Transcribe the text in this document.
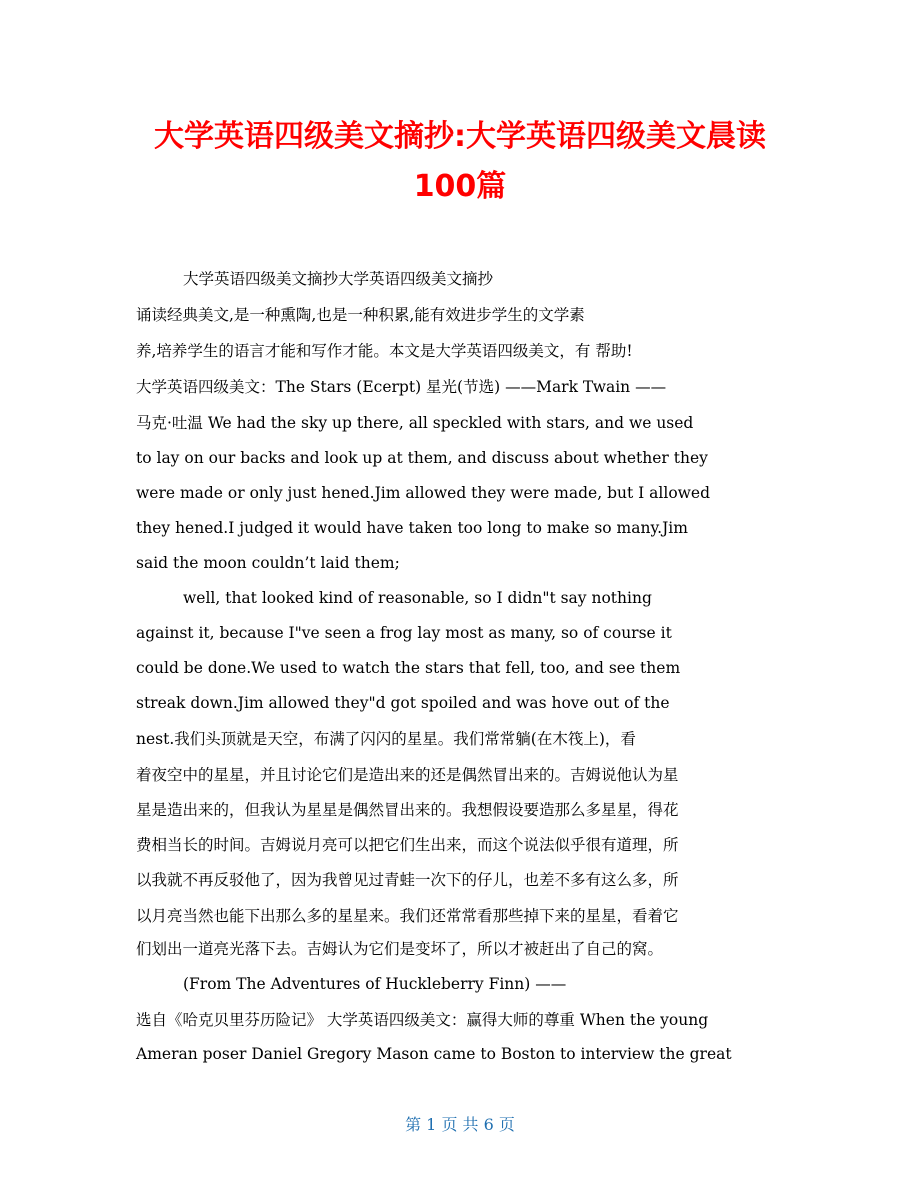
大学英语四级美文摘抄:大学英语四级美文晨读
100篇

大学英语四级美文摘抄大学英语四级美文摘抄

诵读经典美文,是一种熏陶,也是一种积累,能有效进步学生的文学素

养,培养学生的语言才能和写作才能。本文是大学英语四级美文，有 帮助!

大学英语四级美文：The Stars (Ecerpt) 星光(节选) ——Mark Twain ——

马克·吐温 We had the sky up there, all speckled with stars, and we used

to lay on our backs and look up at them, and discuss about whether they

were made or only just hened.Jim allowed they were made, but I allowed

they hened.I judged it would have taken too long to make so many.Jim

said the moon couldn’t laid them;

well, that looked kind of reasonable, so I didn"t say nothing

against it, because I"ve seen a frog lay most as many, so of course it

could be done.We used to watch the stars that fell, too, and see them

streak down.Jim allowed they"d got spoiled and was hove out of the

nest.我们头顶就是天空，布满了闪闪的星星。我们常常躺(在木筏上)，看

着夜空中的星星，并且讨论它们是造出来的还是偶然冒出来的。吉姆说他认为星

星是造出来的，但我认为星星是偶然冒出来的。我想假设要造那么多星星，得花

费相当长的时间。吉姆说月亮可以把它们生出来，而这个说法似乎很有道理，所

以我就不再反驳他了，因为我曾见过青蛙一次下的仔儿，也差不多有这么多，所

以月亮当然也能下出那么多的星星来。我们还常常看那些掉下来的星星，看着它

们划出一道亮光落下去。吉姆认为它们是变坏了，所以才被赶出了自己的窝。

(From The Adventures of Huckleberry Finn) ——

选自《哈克贝里芬历险记》 大学英语四级美文：赢得大师的尊重 When the young

Ameran poser Daniel Gregory Mason came to Boston to interview the great

第 1 页 共 6 页
